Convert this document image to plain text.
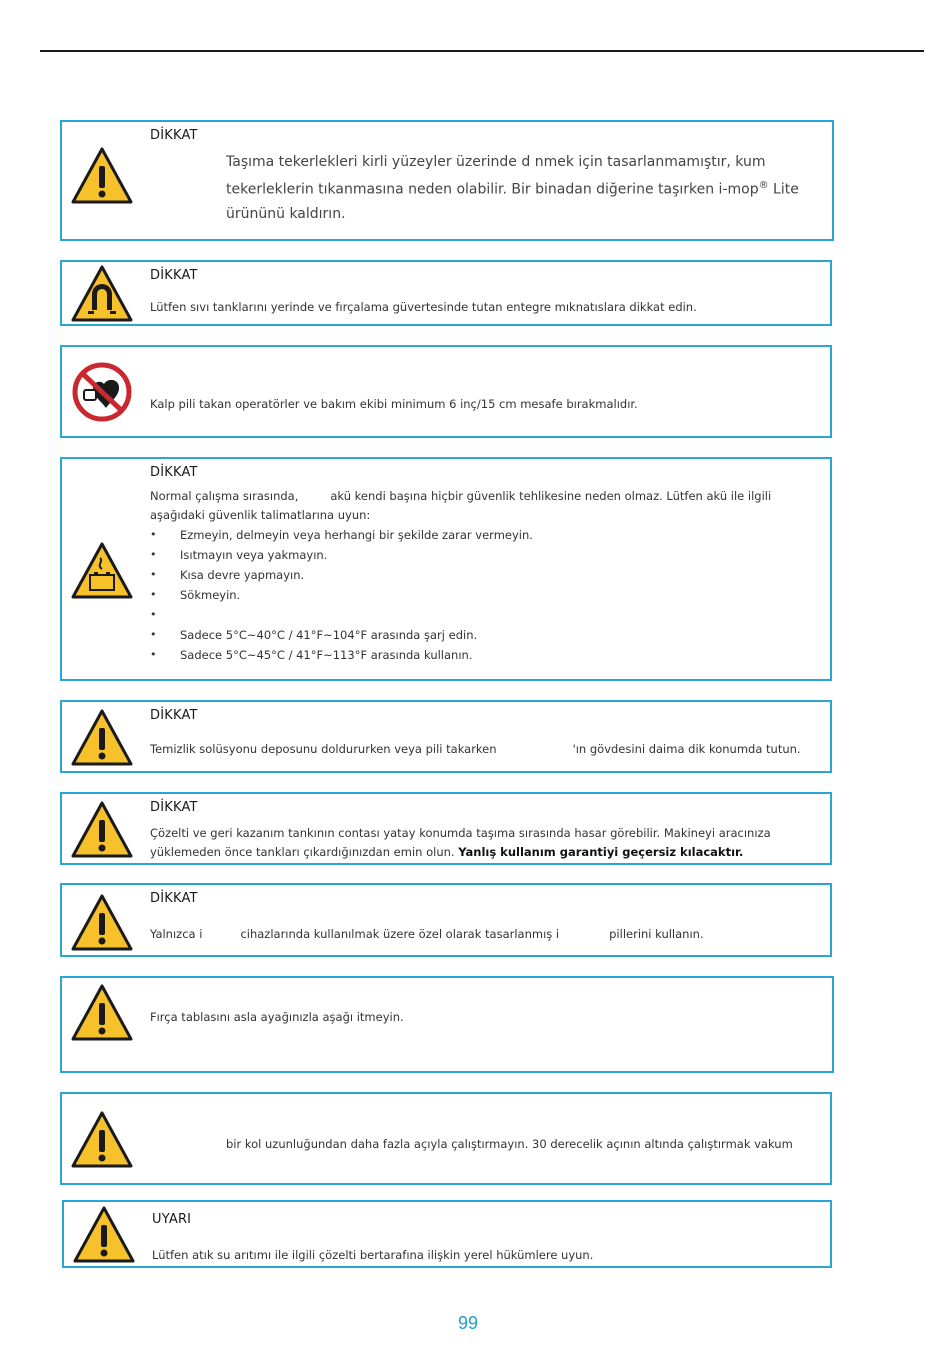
DİKKAT
Taşıma tekerlekleri kirli yüzeyler üzerinde d nmek için tasarlanmamıştır, kum
tekerleklerin tıkanmasına neden olabilir. Bir binadan diğerine taşırken i-mop® Lite
ürününü kaldırın.
DİKKAT
Lütfen sıvı tanklarını yerinde ve fırçalama güvertesinde tutan entegre mıknatıslara dikkat edin.
Kalp pili takan operatörler ve bakım ekibi minimum 6 inç/15 cm mesafe bırakmalıdır.
DİKKAT
Normal çalışma sırasında,	akü kendi başına hiçbir güvenlik tehlikesine neden olmaz. Lütfen akü ile ilgili
aşağıdaki güvenlik talimatlarına uyun:
• Ezmeyin, delmeyin veya herhangi bir şekilde zarar vermeyin.
• Isıtmayın veya yakmayın.
• Kısa devre yapmayın.
• Sökmeyin.
•
• Sadece 5°C~40°C / 41°F~104°F arasında şarj edin.
• Sadece 5°C~45°C / 41°F~113°F arasında kullanın.
DİKKAT
Temizlik solüsyonu deposunu doldururken veya pili takarken	'ın gövdesini daima dik konumda tutun.
DİKKAT
Çözelti ve geri kazanım tankının contası yatay konumda taşıma sırasında hasar görebilir. Makineyi aracınıza
yüklemeden önce tankları çıkardığınızdan emin olun. Yanlış kullanım garantiyi geçersiz kılacaktır.
DİKKAT
Yalnızca i	cihazlarında kullanılmak üzere özel olarak tasarlanmış i	pillerini kullanın.
Fırça tablasını asla ayağınızla aşağı itmeyin.
bir kol uzunluğundan daha fazla açıyla çalıştırmayın. 30 derecelik açının altında çalıştırmak vakum
UYARI
Lütfen atık su arıtımı ile ilgili çözelti bertarafına ilişkin yerel hükümlere uyun.
99
